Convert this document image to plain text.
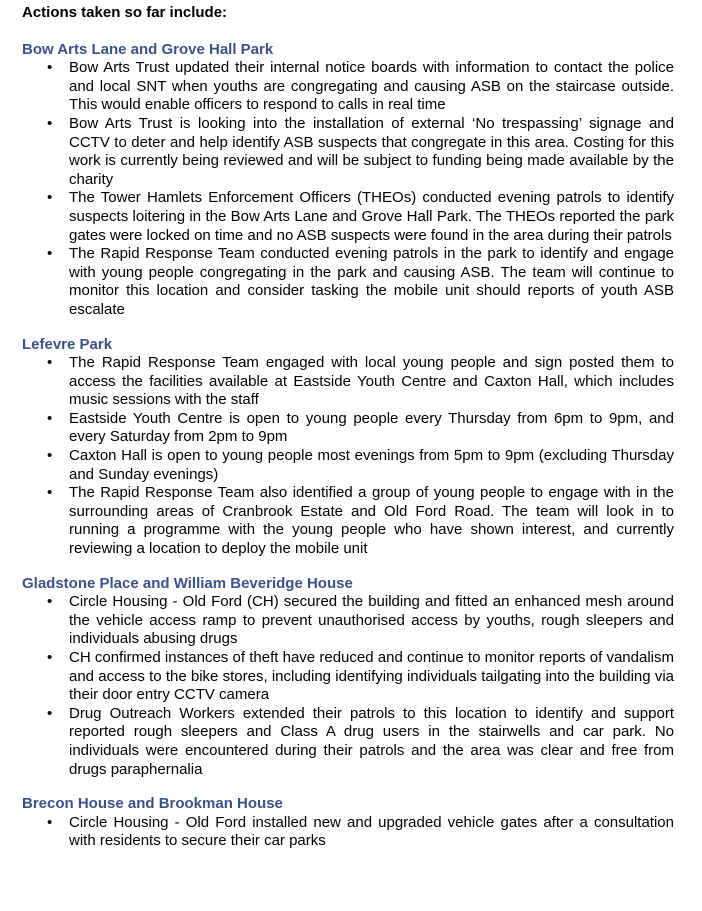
Actions taken so far include:

Bow Arts Lane and Grove Hall Park

• Bow Arts Trust updated their internal notice boards with information to contact the police and local SNT when youths are congregating and causing ASB on the staircase outside. This would enable officers to respond to calls in real time
• Bow Arts Trust is looking into the installation of external ‘No trespassing’ signage and CCTV to deter and help identify ASB suspects that congregate in this area. Costing for this work is currently being reviewed and will be subject to funding being made available by the charity
• The Tower Hamlets Enforcement Officers (THEOs) conducted evening patrols to identify suspects loitering in the Bow Arts Lane and Grove Hall Park. The THEOs reported the park gates were locked on time and no ASB suspects were found in the area during their patrols
• The Rapid Response Team conducted evening patrols in the park to identify and engage with young people congregating in the park and causing ASB. The team will continue to monitor this location and consider tasking the mobile unit should reports of youth ASB escalate

Lefevre Park

• The Rapid Response Team engaged with local young people and sign posted them to access the facilities available at Eastside Youth Centre and Caxton Hall, which includes music sessions with the staff
• Eastside Youth Centre is open to young people every Thursday from 6pm to 9pm, and every Saturday from 2pm to 9pm
• Caxton Hall is open to young people most evenings from 5pm to 9pm (excluding Thursday and Sunday evenings)
• The Rapid Response Team also identified a group of young people to engage with in the surrounding areas of Cranbrook Estate and Old Ford Road. The team will look in to running a programme with the young people who have shown interest, and currently reviewing a location to deploy the mobile unit

Gladstone Place and William Beveridge House

• Circle Housing - Old Ford (CH) secured the building and fitted an enhanced mesh around the vehicle access ramp to prevent unauthorised access by youths, rough sleepers and individuals abusing drugs
• CH confirmed instances of theft have reduced and continue to monitor reports of vandalism and access to the bike stores, including identifying individuals tailgating into the building via their door entry CCTV camera
• Drug Outreach Workers extended their patrols to this location to identify and support reported rough sleepers and Class A drug users in the stairwells and car park. No individuals were encountered during their patrols and the area was clear and free from drugs paraphernalia

Brecon House and Brookman House

• Circle Housing - Old Ford installed new and upgraded vehicle gates after a consultation with residents to secure their car parks
